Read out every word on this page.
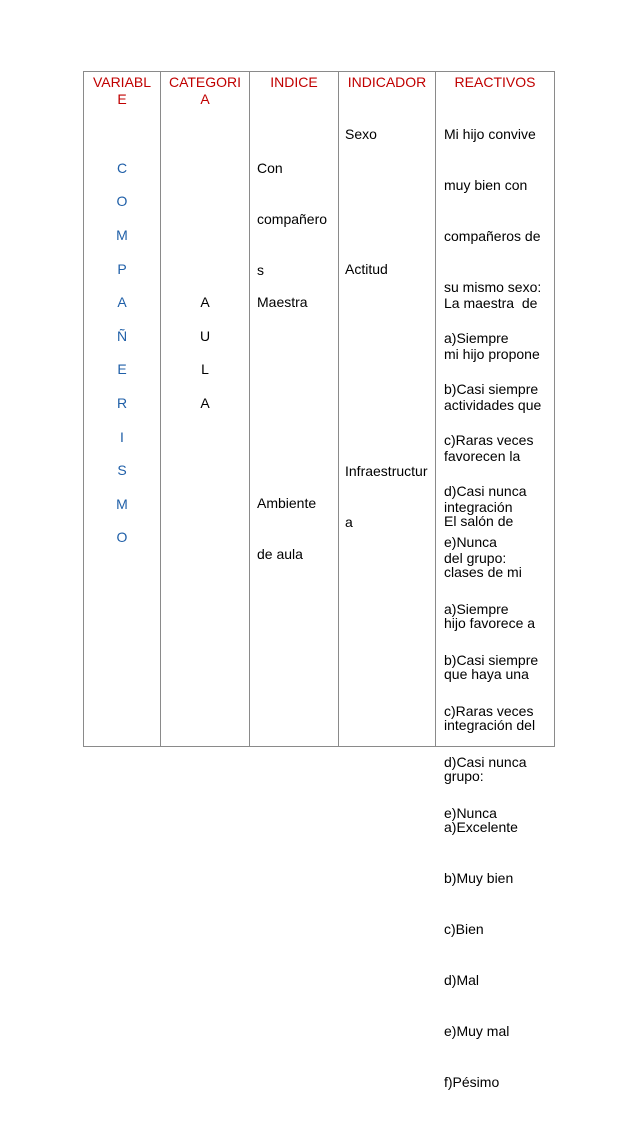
VARIABL
E
CATEGORI
A
INDICE	INDICADOR	REACTIVOS
C
O
M
P
A
Ñ
E
R
I
S
M
O
A
U
L
A

Con

compañero

s

Maestra

Ambiente

de aula

Sexo
Actitud

Infraestructur

a

Mi hijo convive

muy bien con

compañeros de

su mismo sexo:

a)Siempre

b)Casi siempre

c)Raras veces

d)Casi nunca

e)Nunca

La maestra  de

mi hijo propone

actividades que

favorecen la

integración

del grupo:

a)Siempre

b)Casi siempre

c)Raras veces

d)Casi nunca

e)Nunca

El salón de

clases de mi

hijo favorece a

que haya una

integración del

grupo:

a)Excelente

b)Muy bien

c)Bien

d)Mal

e)Muy mal

f)Pésimo
